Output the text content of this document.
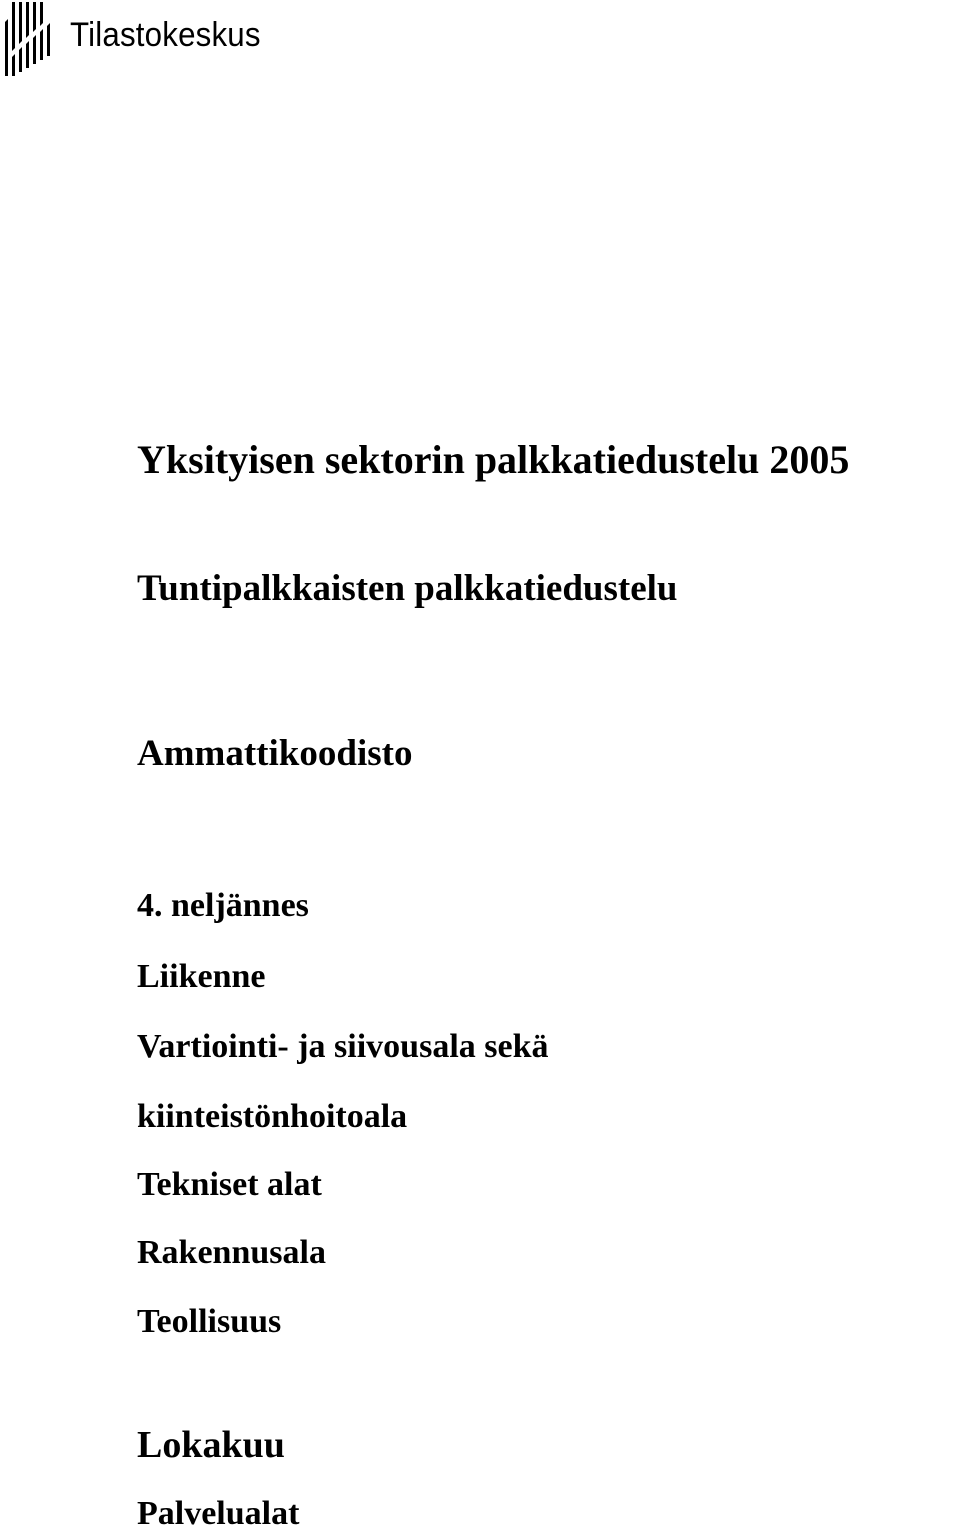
Tilastokeskus
Yksityisen sektorin palkkatiedustelu 2005
Tuntipalkkaisten palkkatiedustelu
Ammattikoodisto
4. neljännes
Liikenne
Vartiointi- ja siivousala sekä
kiinteistönhoitoala
Tekniset alat
Rakennusala
Teollisuus
Lokakuu
Palvelualat
